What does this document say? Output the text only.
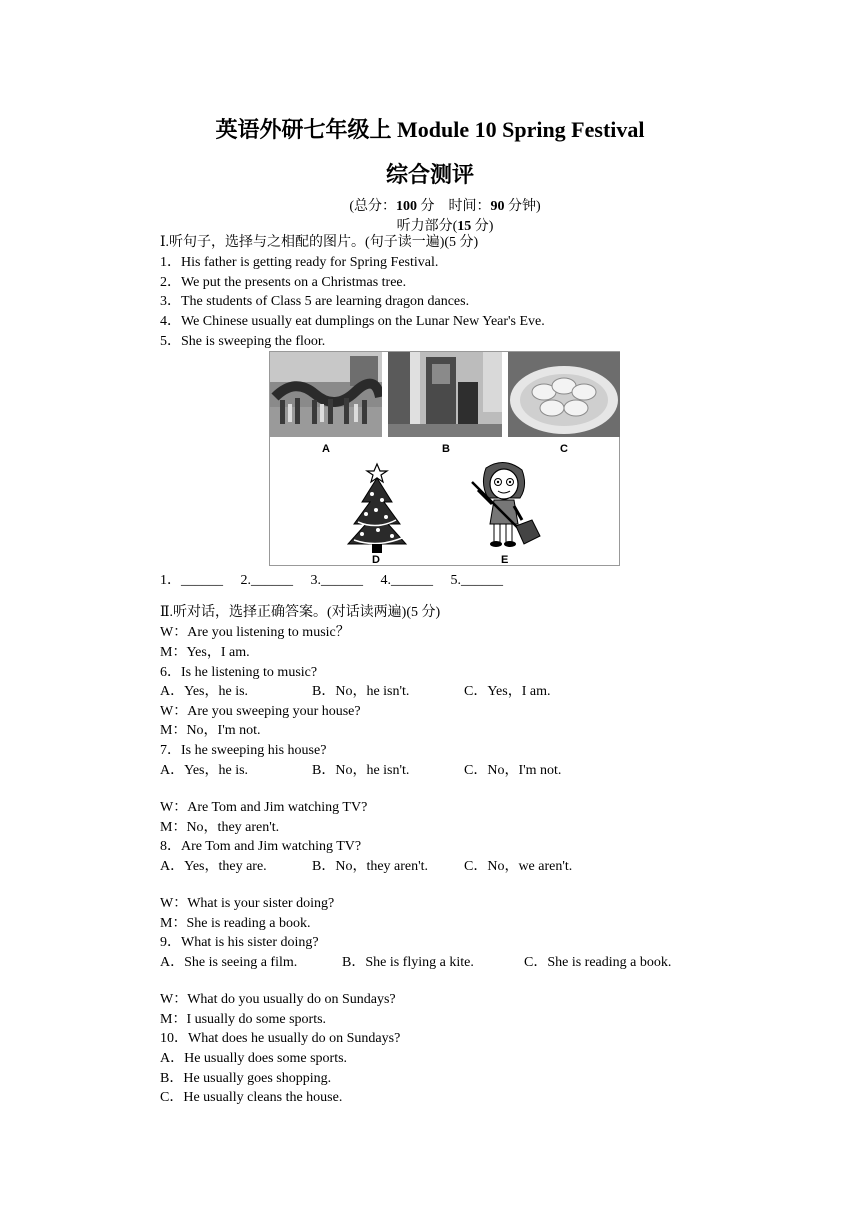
英语外研七年级上 Module 10 Spring Festival
综合测评
(总分：100 分　时间：90 分钟)
听力部分(15 分)
Ⅰ.听句子，选择与之相配的图片。(句子读一遍)(5 分)
1．His father is getting ready for Spring Festival.
2．We put the presents on a Christmas tree.
3．The students of Class 5 are learning dragon dances.
4．We Chinese usually eat dumplings on the Lunar New Year's Eve.
5．She is sweeping the floor.
A	B	C
D	E
1．______     2.______     3.______     4.______     5.______
Ⅱ.听对话，选择正确答案。(对话读两遍)(5 分)
W：Are you listening to music？
M：Yes，I am.
6．Is he listening to music?
A．Yes，he is.	B．No，he isn't.	C．Yes，I am.
W：Are you sweeping your house?
M：No，I'm not.
7．Is he sweeping his house?
A．Yes，he is.	B．No，he isn't.	C．No，I'm not.
W：Are Tom and Jim watching TV?
M：No，they aren't.
8．Are Tom and Jim watching TV?
A．Yes，they are.	B．No，they aren't.	C．No，we aren't.
W：What is your sister doing?
M：She is reading a book.
9．What is his sister doing?
A．She is seeing a film.	B．She is flying a kite.	C．She is reading a book.
W：What do you usually do on Sundays?
M：I usually do some sports.
10．What does he usually do on Sundays?
A．He usually does some sports.
B．He usually goes shopping.
C．He usually cleans the house.
